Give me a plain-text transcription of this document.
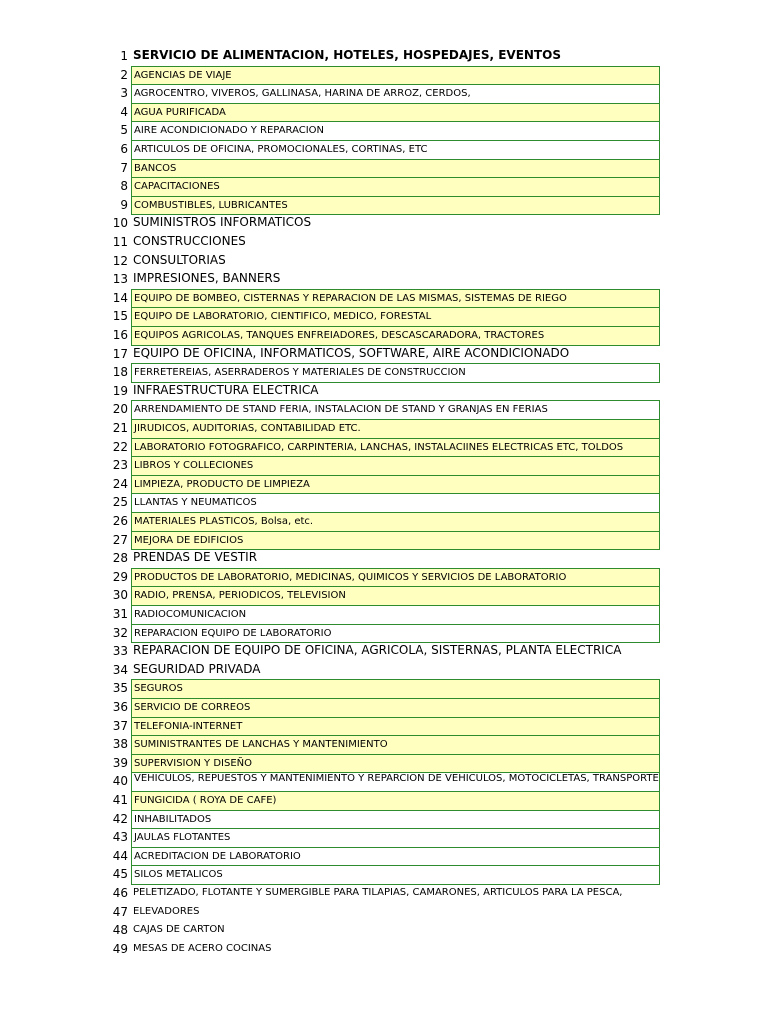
1 SERVICIO DE ALIMENTACION, HOTELES, HOSPEDAJES, EVENTOS
2 AGENCIAS DE VIAJE
3 AGROCENTRO, VIVEROS, GALLINASA, HARINA DE ARROZ, CERDOS,
4 AGUA PURIFICADA
5 AIRE ACONDICIONADO Y REPARACION
6 ARTICULOS DE OFICINA, PROMOCIONALES, CORTINAS, ETC
7 BANCOS
8 CAPACITACIONES
9 COMBUSTIBLES, LUBRICANTES
10 SUMINISTROS INFORMATICOS
11 CONSTRUCCIONES
12 CONSULTORIAS
13 IMPRESIONES, BANNERS
14 EQUIPO DE BOMBEO, CISTERNAS Y REPARACION DE LAS MISMAS, SISTEMAS DE RIEGO
15 EQUIPO DE LABORATORIO, CIENTIFICO, MEDICO, FORESTAL
16 EQUIPOS AGRICOLAS, TANQUES ENFREIADORES, DESCASCARADORA, TRACTORES
17 EQUIPO DE OFICINA, INFORMATICOS, SOFTWARE, AIRE ACONDICIONADO
18 FERRETEREIAS, ASERRADEROS Y MATERIALES DE CONSTRUCCION
19 INFRAESTRUCTURA ELECTRICA
20 ARRENDAMIENTO DE STAND FERIA, INSTALACION DE STAND Y GRANJAS EN FERIAS
21 JIRUDICOS, AUDITORIAS, CONTABILIDAD ETC.
22 LABORATORIO FOTOGRAFICO, CARPINTERIA, LANCHAS, INSTALACIINES ELECTRICAS ETC, TOLDOS
23 LIBROS Y COLLECIONES
24 LIMPIEZA, PRODUCTO DE LIMPIEZA
25 LLANTAS Y NEUMATICOS
26 MATERIALES PLASTICOS, Bolsa, etc.
27 MEJORA DE EDIFICIOS
28 PRENDAS DE VESTIR
29 PRODUCTOS DE LABORATORIO, MEDICINAS, QUIMICOS Y SERVICIOS DE LABORATORIO
30 RADIO, PRENSA, PERIODICOS, TELEVISION
31 RADIOCOMUNICACION
32 REPARACION EQUIPO DE LABORATORIO
33 REPARACION DE EQUIPO DE OFICINA, AGRICOLA, SISTERNAS, PLANTA ELECTRICA
34 SEGURIDAD PRIVADA
35 SEGUROS
36 SERVICIO DE CORREOS
37 TELEFONIA-INTERNET
38 SUMINISTRANTES DE LANCHAS Y MANTENIMIENTO
39 SUPERVISION Y DISEÑO
40 VEHICULOS, REPUESTOS Y MANTENIMIENTO Y REPARCION DE VEHICULOS, MOTOCICLETAS, TRANSPORTE
41 FUNGICIDA ( ROYA DE CAFE)
42 INHABILITADOS
43 JAULAS FLOTANTES
44 ACREDITACION DE LABORATORIO
45 SILOS METALICOS
46 PELETIZADO, FLOTANTE Y SUMERGIBLE PARA TILAPIAS, CAMARONES, ARTICULOS PARA LA PESCA,
47 ELEVADORES
48 CAJAS DE CARTON
49 MESAS DE ACERO COCINAS
